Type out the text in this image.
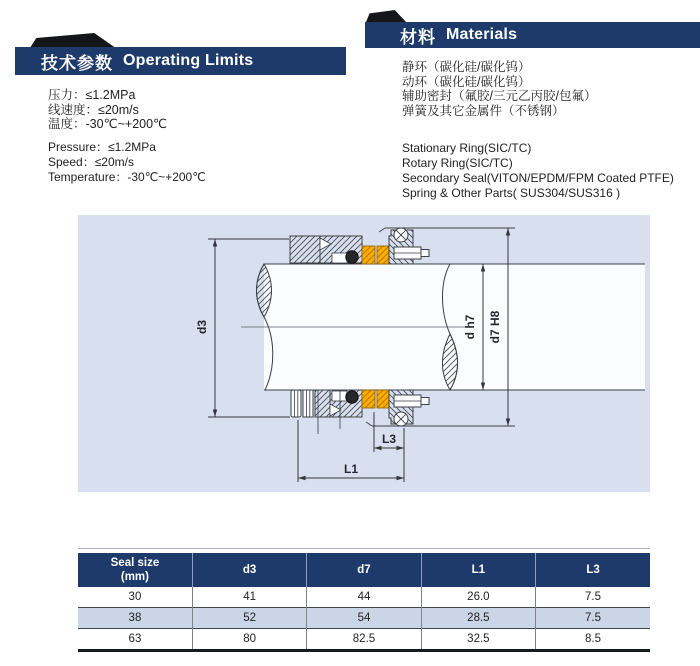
技术参数 Operating Limits
压力：≤1.2MPa
线速度：≤20m/s
温度：-30℃~+200℃
Pressure：≤1.2MPa
Speed：≤20m/s
Temperature：-30℃~+200℃
材料 Materials
静环（碳化硅/碳化钨）
动环（碳化硅/碳化钨）
辅助密封（氟胶/三元乙丙胶/包氟）
弹簧及其它金属件（不锈钢）
Stationary Ring(SIC/TC)
Rotary Ring(SIC/TC)
Secondary Seal(VITON/EPDM/FPM Coated PTFE)
Spring & Other Parts( SUS304/SUS316 )
d3	d h7 d7 H8
L3
L1
Seal size
(mm)	d3	d7	L1	L3
30	41	44	26.0	7.5
38	52	54	28.5	7.5
63	80	82.5	32.5	8.5
